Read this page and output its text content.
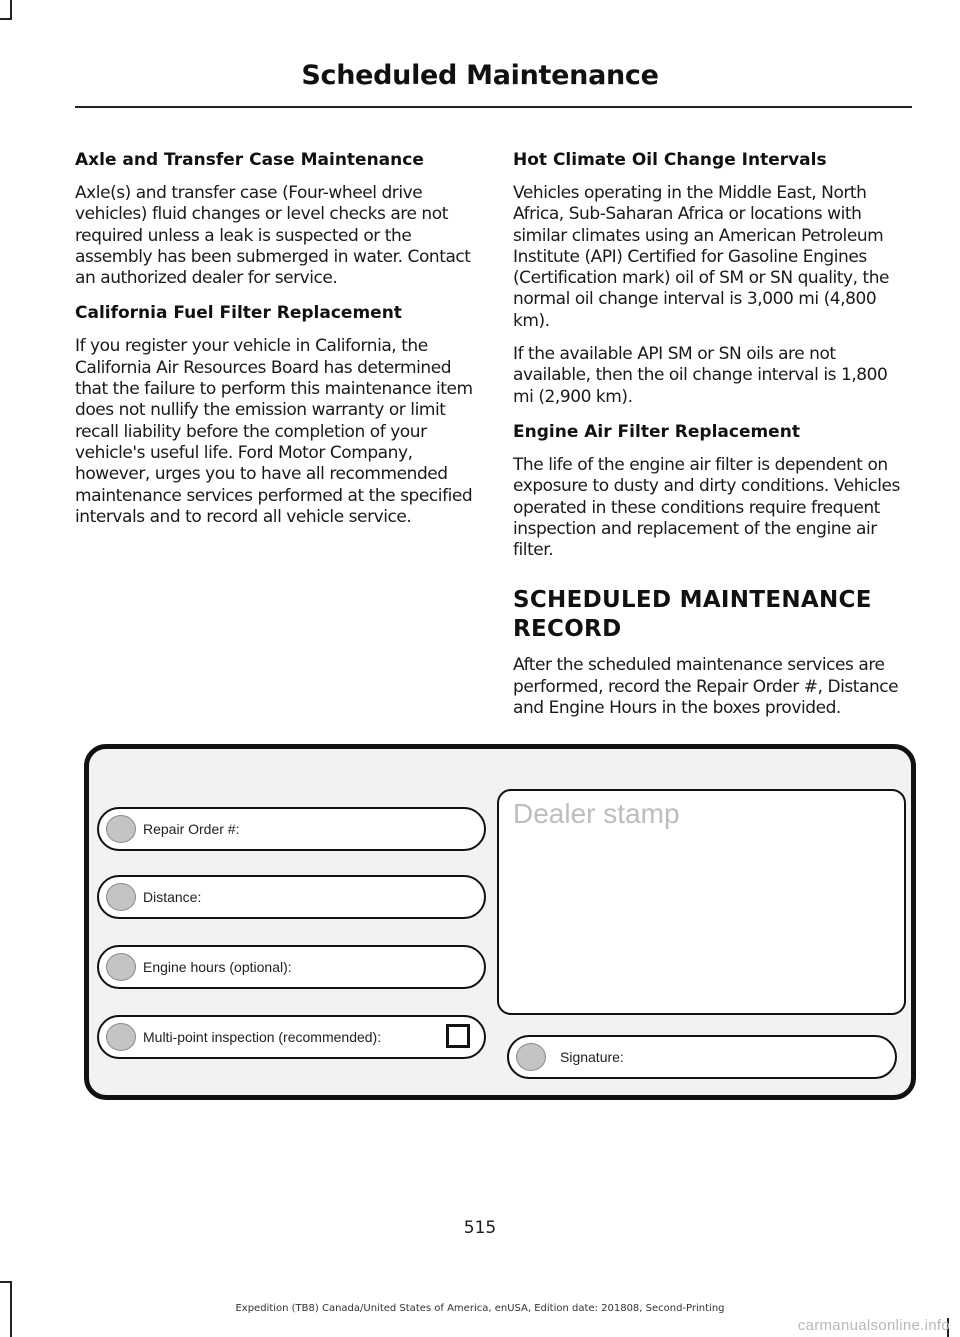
Scheduled Maintenance
Axle and Transfer Case Maintenance

Axle(s) and transfer case (Four-wheel drive vehicles) fluid changes or level checks are not required unless a leak is suspected or the assembly has been submerged in water. Contact an authorized dealer for service.

California Fuel Filter Replacement

If you register your vehicle in California, the California Air Resources Board has determined that the failure to perform this maintenance item does not nullify the emission warranty or limit recall liability before the completion of your vehicle's useful life. Ford Motor Company, however, urges you to have all recommended maintenance services performed at the specified intervals and to record all vehicle service.

Hot Climate Oil Change Intervals

Vehicles operating in the Middle East, North Africa, Sub-Saharan Africa or locations with similar climates using an American Petroleum Institute (API) Certified for Gasoline Engines (Certification mark) oil of SM or SN quality, the normal oil change interval is 3,000 mi (4,800 km).

If the available API SM or SN oils are not available, then the oil change interval is 1,800 mi (2,900 km).

Engine Air Filter Replacement

The life of the engine air filter is dependent on exposure to dusty and dirty conditions. Vehicles operated in these conditions require frequent inspection and replacement of the engine air filter.

SCHEDULED MAINTENANCE
RECORD

After the scheduled maintenance services are performed, record the Repair Order #, Distance and Engine Hours in the boxes provided.

Repair Order #:
Distance:
Engine hours (optional):
Multi-point inspection (recommended):
Dealer stamp
Signature:
515
Expedition (TB8) Canada/United States of America, enUSA, Edition date: 201808, Second-Printing
carmanualsonline.info
